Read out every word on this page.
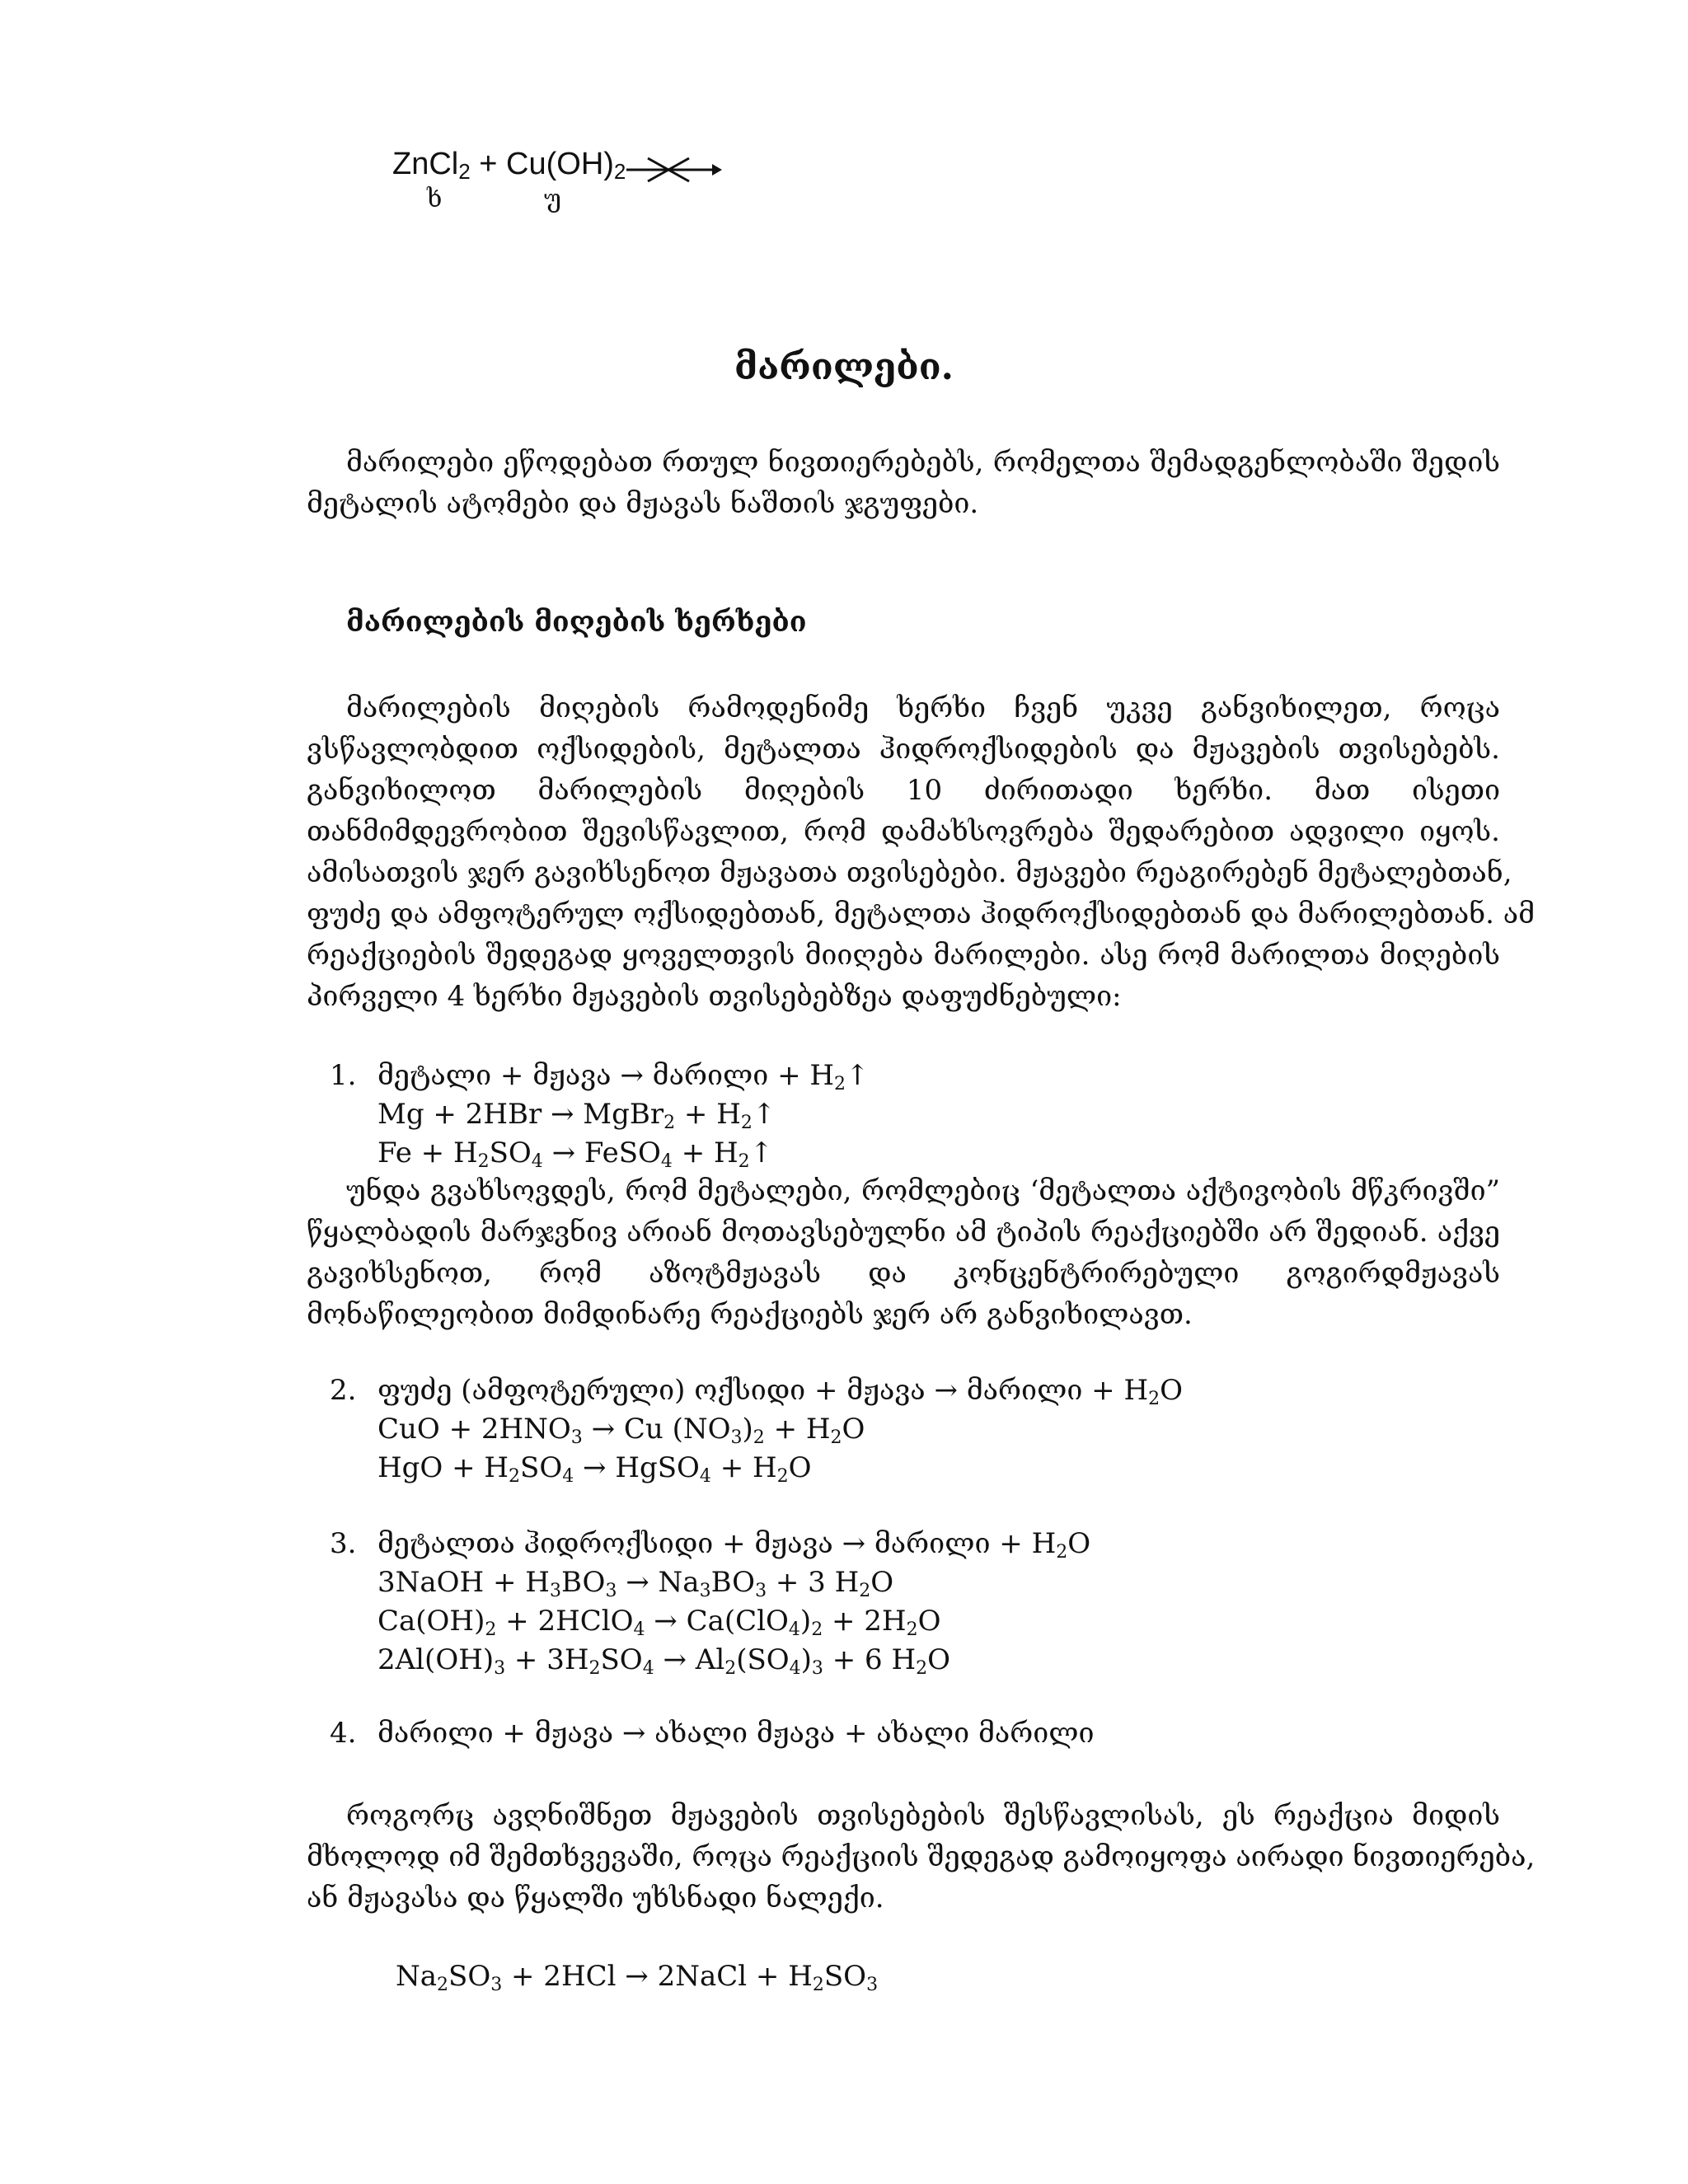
ZnCl$_2$ + $Cu(OH)_2$
ხ	უ
მარილები.
მარილები ეწოდებათ რთულ ნივთიერებებს, რომელთა შემადგენლობაში შედის
მეტალის ატომები და მჟავას ნაშთის ჯგუფები.
მარილების მიღების ხერხები
მარილების მიღების რამოდენიმე ხერხი ჩვენ უკვე განვიხილეთ, როცა
ვსწავლობდით ოქსიდების, მეტალთა ჰიდროქსიდების და მჟავების თვისებებს.
განვიხილოთ მარილების მიღების 10 ძირითადი ხერხი. მათ ისეთი
თანმიმდევრობით შევისწავლით, რომ დამახსოვრება შედარებით ადვილი იყოს.
ამისათვის ჯერ გავიხსენოთ მჟავათა თვისებები. მჟავები რეაგირებენ მეტალებთან,
ფუძე და ამფოტერულ ოქსიდებთან, მეტალთა ჰიდროქსიდებთან და მარილებთან. ამ
რეაქციების შედეგად ყოველთვის მიიღება მარილები. ასე რომ მარილთა მიღების
პირველი 4 ხერხი მჟავების თვისებებზეა დაფუძნებული:
1. მეტალი + მჟავა → მარილი + $H_2↑$
Mg + 2HBr → MgBr$_2$ + $H_2↑$
$Fe + H_2SO_4$ → FeSO$_4$ + $H_2↑$
უნდა გვახსოვდეს, რომ მეტალები, რომლებიც ‘მეტალთა აქტივობის მწკრივში”
წყალბადის მარჯვნივ არიან მოთავსებულნი ამ ტიპის რეაქციებში არ შედიან. აქვე
გავიხსენოთ, რომ აზოტმჟავას და კონცენტრირებული გოგირდმჟავას
მონაწილეობით მიმდინარე რეაქციებს ჯერ არ განვიხილავთ.
2. ფუძე (ამფოტერული) ოქსიდი + მჟავა → მარილი + $H_2O$
CuO + $2HNO_3 \to Cu$ $(NO_3)_2 + H_2O$
HgO + $H_2SO_4$ → HgSO$_4$ + $H_2O$
3. მეტალთა ჰიდროქსიდი + მჟავა → მარილი + $H_2O$
3NaOH + $H_3BO_3 \to Na_3BO_3 + 3$ $H_2O$
$Ca(OH)_2$ + 2HClO$_4$ → $Ca(ClO_4)_2 + 2H_2O$
$2Al(OH)_3 + 3H_2SO_4 \to Al_2(SO_4)_3 + 6$ $H_2O$
4. მარილი + მჟავა → ახალი მჟავა + ახალი მარილი
როგორც ავღნიშნეთ მჟავების თვისებების შესწავლისას, ეს რეაქცია მიდის
მხოლოდ იმ შემთხვევაში, როცა რეაქციის შედეგად გამოიყოფა აირადი ნივთიერება,
ან მჟავასა და წყალში უხსნადი ნალექი.
$Na_2SO_3 + 2HCl$ → 2NaCl + $H_2SO_3$
